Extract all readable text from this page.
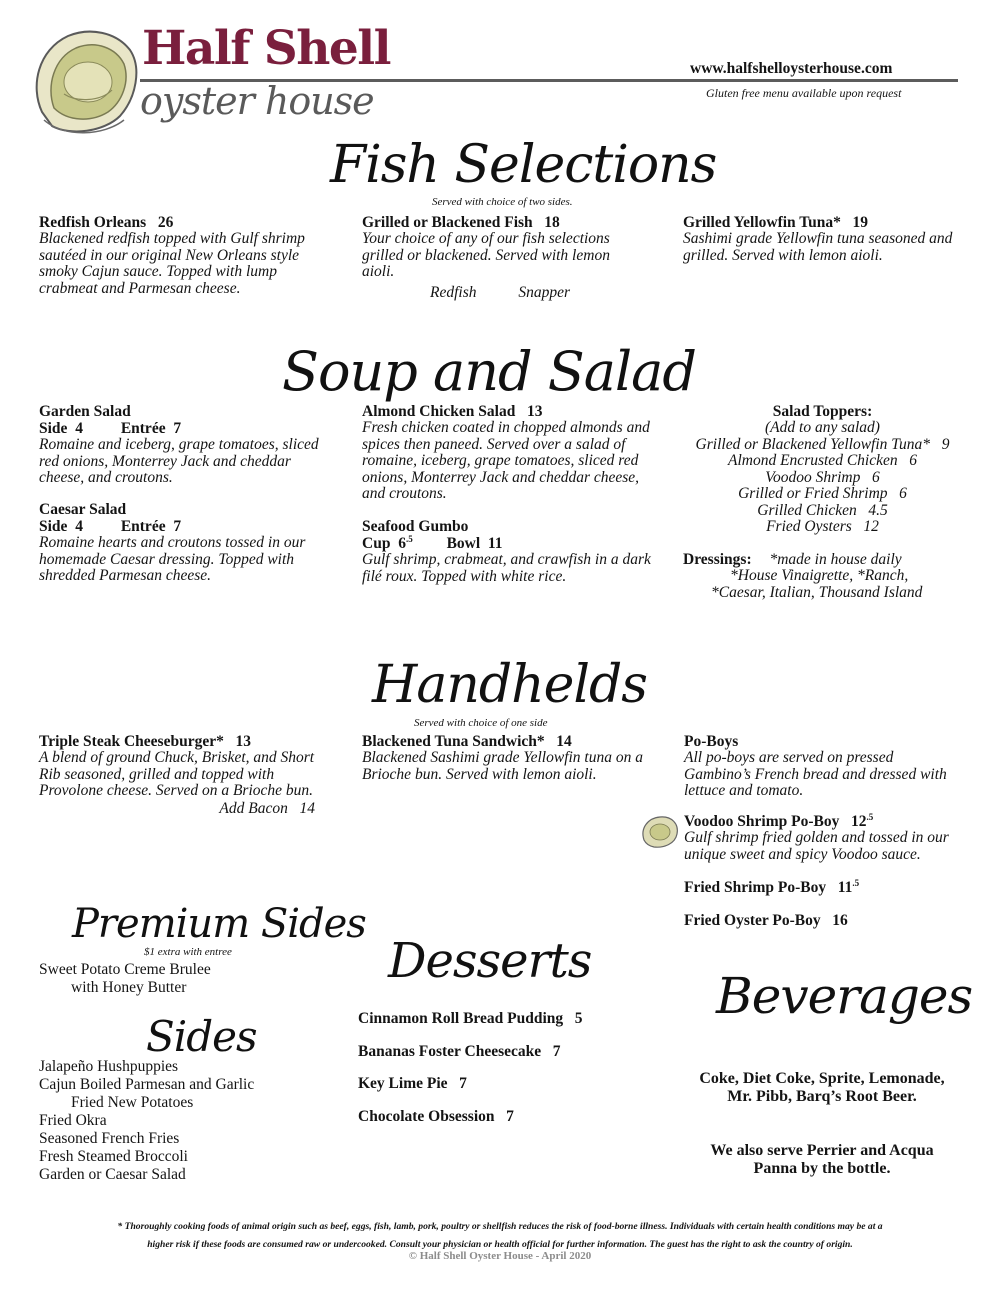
Half Shell
oyster house
www.halfshelloysterhouse.com
Gluten free menu available upon request
Fish Selections
Served with choice of two sides.
Redfish Orleans 26
Blackened redfish topped with Gulf shrimp sautéed in our original New Orleans style smoky Cajun sauce. Topped with lump crabmeat and Parmesan cheese.
Grilled or Blackened Fish 18
Your choice of any of our fish selections grilled or blackened. Served with lemon aioli.
Redfish	Snapper
Grilled Yellowfin Tuna* 19
Sashimi grade Yellowfin tuna seasoned and grilled. Served with lemon aioli.
Soup and Salad
Garden Salad
Side 4 Entrée 7
Romaine and iceberg, grape tomatoes, sliced red onions, Monterrey Jack and cheddar cheese, and croutons.
Caesar Salad
Side 4 Entrée 7
Romaine hearts and croutons tossed in our homemade Caesar dressing. Topped with shredded Parmesan cheese.
Almond Chicken Salad 13
Fresh chicken coated in chopped almonds and spices then paneed. Served over a salad of romaine, iceberg, grape tomatoes, sliced red onions, Monterrey Jack and cheddar cheese, and croutons.
Seafood Gumbo
Cup $6^{.5}$ Bowl 11
Gulf shrimp, crabmeat, and crawfish in a dark filé roux. Topped with white rice.
Salad Toppers:
(Add to any salad)
Grilled or Blackened Yellowfin Tuna* 9
Almond Encrusted Chicken 6
Voodoo Shrimp 6
Grilled or Fried Shrimp 6
Grilled Chicken 4.5
Fried Oysters 12
Dressings: *made in house daily
*House Vinaigrette, *Ranch,
*Caesar, Italian, Thousand Island
Handhelds
Served with choice of one side
Triple Steak Cheeseburger* 13
A blend of ground Chuck, Brisket, and Short Rib seasoned, grilled and topped with Provolone cheese. Served on a Brioche bun.
Add Bacon 14
Blackened Tuna Sandwich* 14
Blackened Sashimi grade Yellowfin tuna on a Brioche bun. Served with lemon aioli.
Po-Boys
All po-boys are served on pressed Gambino’s French bread and dressed with lettuce and tomato.
Voodoo Shrimp Po-Boy $12^{.5}$
Gulf shrimp fried golden and tossed in our unique sweet and spicy Voodoo sauce.
Fried Shrimp Po-Boy $11^{.5}$
Fried Oyster Po-Boy 16
Premium Sides
$1 extra with entree
Sweet Potato Creme Brulee
with Honey Butter
Sides
Jalapeño Hushpuppies
Cajun Boiled Parmesan and Garlic
Fried New Potatoes
Fried Okra
Seasoned French Fries
Fresh Steamed Broccoli
Garden or Caesar Salad
Desserts
Cinnamon Roll Bread Pudding 5
Bananas Foster Cheesecake 7
Key Lime Pie 7
Chocolate Obsession 7
Beverages
Coke, Diet Coke, Sprite, Lemonade,
Mr. Pibb, Barq’s Root Beer.
We also serve Perrier and Acqua
Panna by the bottle.
* Thoroughly cooking foods of animal origin such as beef, eggs, fish, lamb, pork, poultry or shellfish reduces the risk of food-borne illness. Individuals with certain health conditions may be at a
higher risk if these foods are consumed raw or undercooked. Consult your physician or health official for further information. The guest has the right to ask the country of origin.
© Half Shell Oyster House - April 2020
